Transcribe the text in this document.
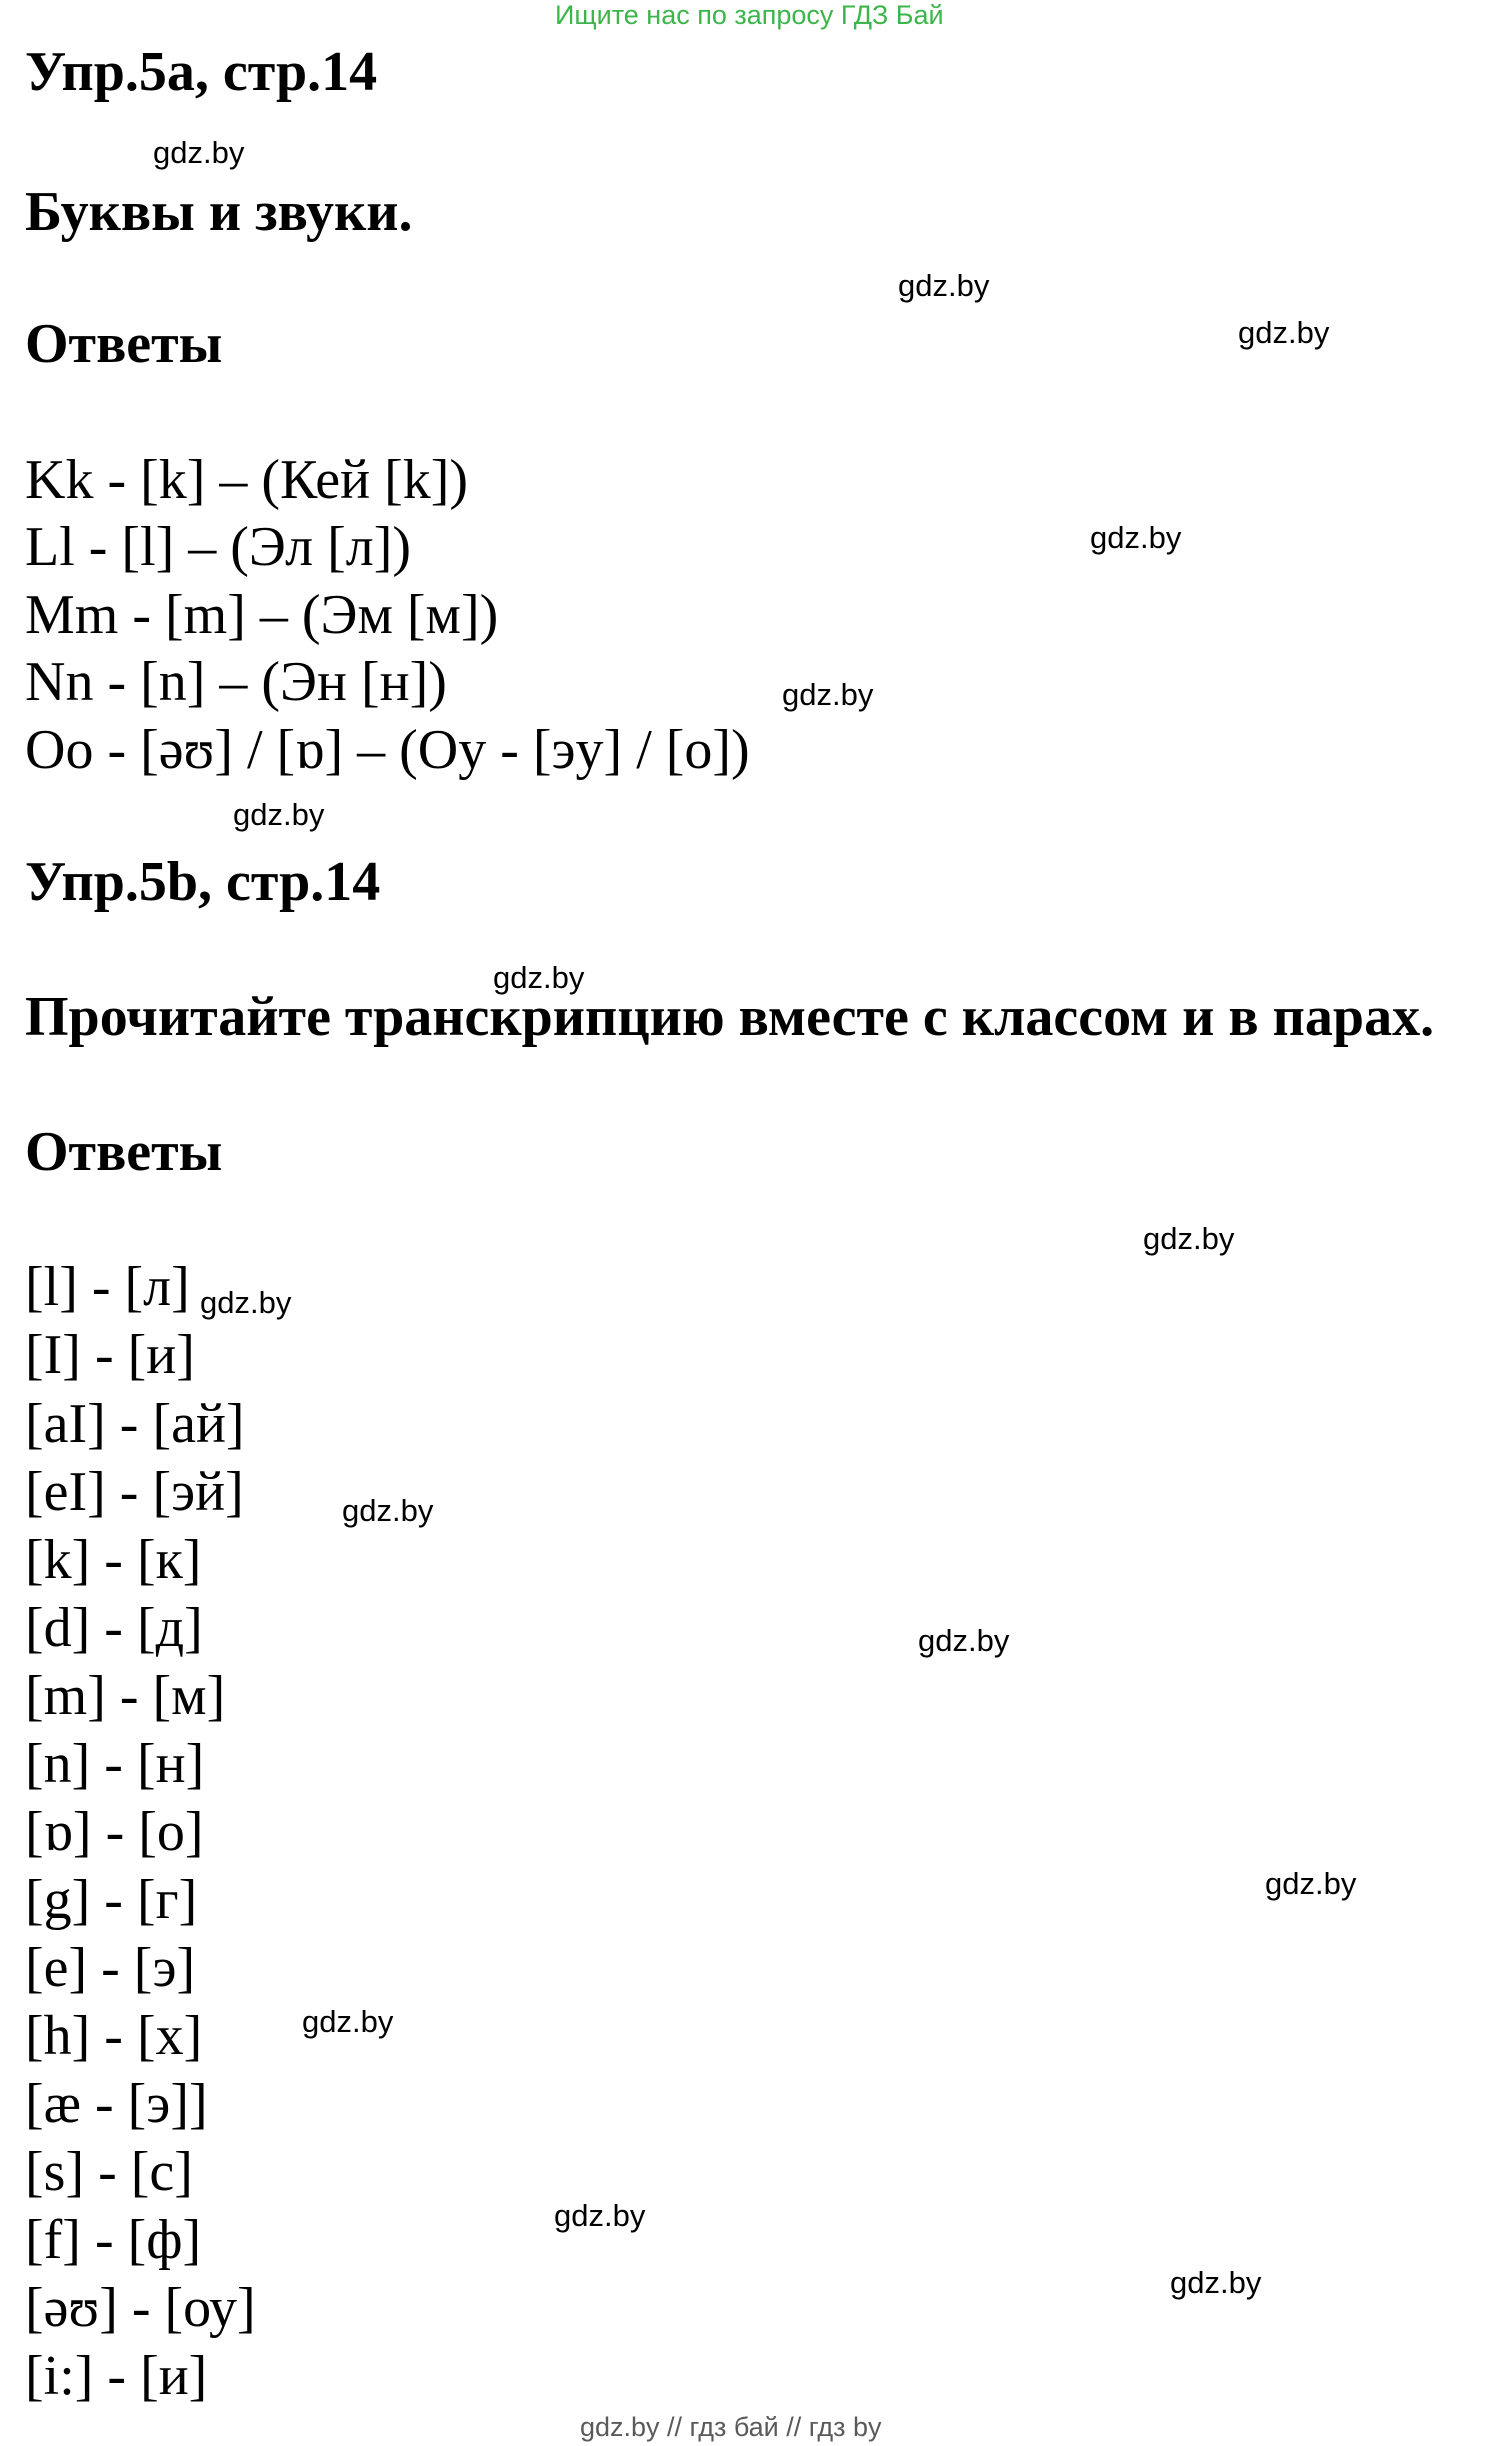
Ищите нас по запросу ГДЗ Бай
Упр.5а, стр.14
Буквы и звуки.
Ответы
Kk - [k] – (Кей [k])
Ll - [l] – (Эл [л])
Mm - [m] – (Эм [м])
Nn - [n] – (Эн [н])
Oo - [əʊ] / [ɒ] – (Оу - [эу] / [о])
Упр.5b, стр.14
Прочитайте транскрипцию вместе с классом и в парах.
Ответы
[l] - [л]
[I] - [и]
[aI] - [ай]
[eI] - [эй]
[k] - [к]
[d] - [д]
[m] - [м]
[n] - [н]
[ɒ] - [о]
[g] - [г]
[e] - [э]
[h] - [х]
[æ - [э]]
[s] - [с]
[f] - [ф]
[əʊ] - [оу]
[i:] - [и]
gdz.by
gdz.by
gdz.by
gdz.by
gdz.by
gdz.by
gdz.by
gdz.by
gdz.by
gdz.by
gdz.by
gdz.by
gdz.by
gdz.by
gdz.by
gdz.by // гдз бай // гдз by
